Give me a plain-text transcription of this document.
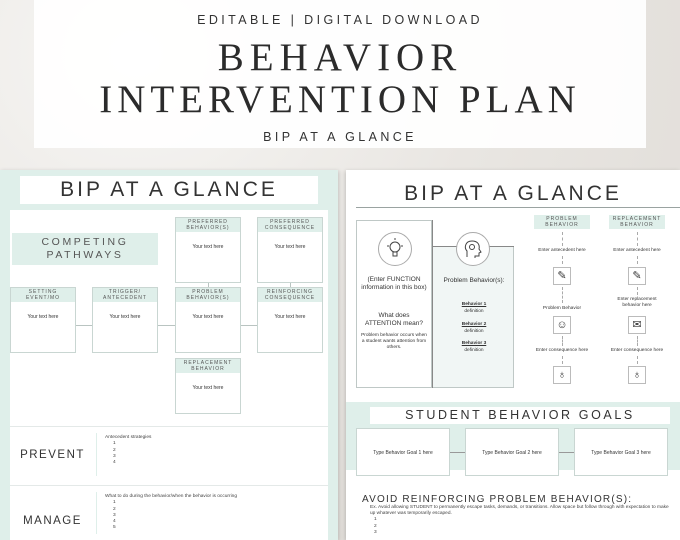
EDITABLE | DIGITAL DOWNLOAD
BEHAVIOR
INTERVENTION PLAN
BIP AT A GLANCE
BIP AT A GLANCE
COMPETING
PATHWAYS
PREFERRED BEHAVIOR(S)
Your text here
PREFERRED CONSEQUENCE
Your text here
SETTING EVENT/MO
Your text here
TRIGGER/ ANTECEDENT
Your text here
PROBLEM BEHAVIOR(S)
Your text here
REINFORCING CONSEQUENCE
Your text here
REPLACEMENT BEHAVIOR
Your text here
PREVENT
Antecedent strategies
1
2
3
4
MANAGE
What to do during the behavior/when the behavior is occurring
1
2
3
4
5
BIP AT A GLANCE
(Enter FUNCTION information in this box)
What does ATTENTION mean?
Problem behavior occurs when a student wants attention from others.
Problem Behavior(s):
Behavior 1
definition
Behavior 2
definition
Behavior 3
definition
PROBLEM BEHAVIOR
Enter antecedent here
✎
Problem Behavior
☺
Enter consequence here
♁
REPLACEMENT BEHAVIOR
Enter antecedent here
✎
Enter replacement behavior here
✉
Enter consequence here
♁
STUDENT BEHAVIOR GOALS
Type Behavior Goal 1 here	Type Behavior Goal 2 here	Type Behavior Goal 3 here
AVOID REINFORCING PROBLEM BEHAVIOR(S):
Ex. Avoid allowing STUDENT to permanently escape tasks, demands, or transitions. Allow space but follow through with expectation to make up whatever was temporarily escaped.
1
2
3
